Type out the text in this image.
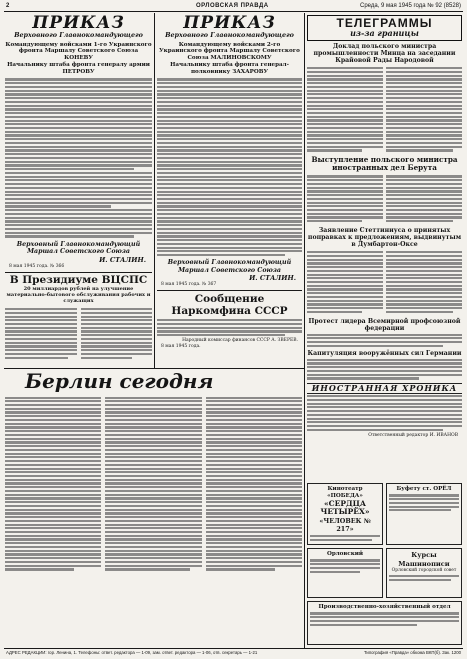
2	ОРЛОВСКАЯ ПРАВДА	Среда, 9 мая 1945 года № 92 (8528)
ПРИКАЗ
Верховного Главнокомандующего
Командующему войсками 1-го Украинского фронта Маршалу Советского Союза КОНЕВУ
Начальнику штаба фронта генералу армии ПЕТРОВУ
Верховный Главнокомандующий
Маршал Советского Союза
И. СТАЛИН.
8 мая 1945 года. № 366
В Президиуме ВЦСПС
20 миллиардов рублей на улучшение материально-бытового обслуживания рабочих и служащих
ПРИКАЗ
Верховного Главнокомандующего
Командующему войсками 2-го Украинского фронта Маршалу Советского Союза МАЛИНОВСКОМУ
Начальнику штаба фронта генерал-полковнику ЗАХАРОВУ
Верховный Главнокомандующий
Маршал Советского Союза
И. СТАЛИН.
8 мая 1945 года. № 367
Сообщение Наркомфина СССР
Народный комиссар финансов СССР А. ЗВЕРЕВ.
8 мая 1945 года.
Берлин сегодня
ТЕЛЕГРАММЫ
из-за границы
Доклад польского министра промышленности Минца на заседании Крайовой Рады Народовой
Выступление польского министра иностранных дел Берута
Заявление Стеттиниуса о принятых поправках к предложениям, выдвинутым в Думбартон-Оксе
Протест лидера Всемирной профсоюзной федерации
Капитуляция вооружённых сил Германии
ИНОСТРАННАЯ ХРОНИКА
Ответственный редактор И. ИВАНОВ
Кинотеатр «ПОБЕДА»
«СЕРДЦА ЧЕТЫРЁХ»
«ЧЕЛОВЕК № 217»
Буфету ст. ОРЁЛ
Орловский	Курсы Машинописи
Орловский городской совет
Производственно-хозяйственный отдел
АДРЕС РЕДАКЦИИ: гор. Ленина, 1. Телефоны: ответ. редактора — 1-09, зам. ответ. редактора — 1-06, отв. секретарь — 1-21	Типография «Правда» обкома ВКП(б). Зак. 1200
